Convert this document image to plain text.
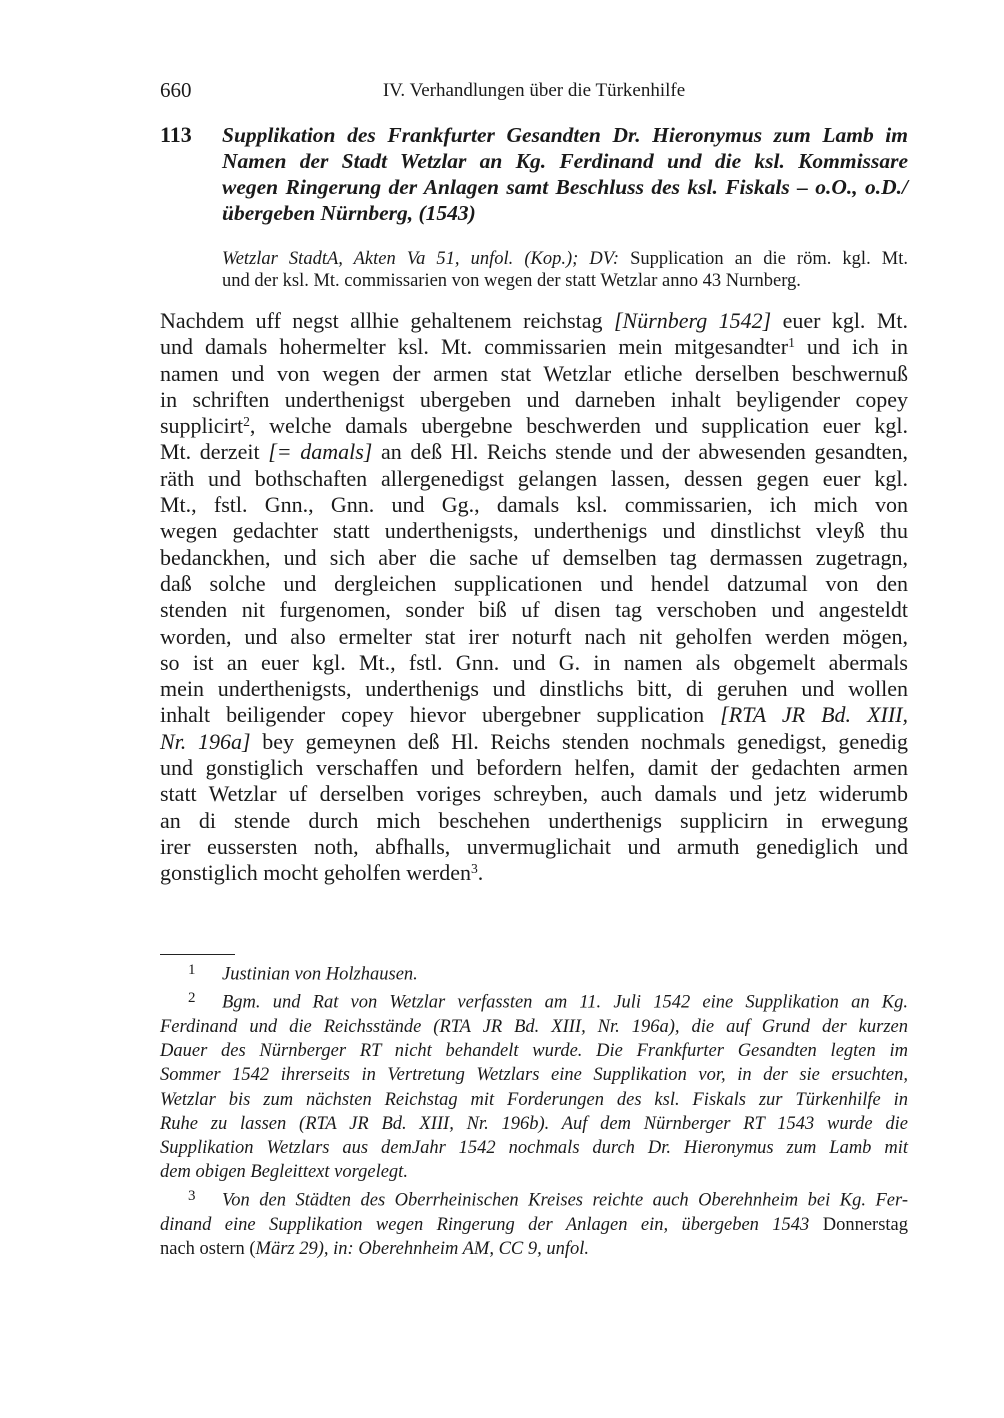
660	IV. Verhandlungen über die Türkenhilfe
113 Supplikation des Frankfurter Gesandten Dr. Hieronymus zum Lamb im
Namen der Stadt Wetzlar an Kg. Ferdinand und die ksl. Kommissare
wegen Ringerung der Anlagen samt Beschluss des ksl. Fiskals – o.O., o.D./
übergeben Nürnberg, (1543)
Wetzlar StadtA, Akten Va 51, unfol. (Kop.); DV: Supplication an die röm. kgl. Mt.
und der ksl. Mt. commissarien von wegen der statt Wetzlar anno 43 Nurnberg.
Nachdem uff negst allhie gehaltenem reichstag [Nürnberg 1542] euer kgl. Mt.
und damals hohermelter ksl. Mt. commissarien mein mitgesandter$^1$ und ich in
namen und von wegen der armen stat Wetzlar etliche derselben beschwernuß
in schriften underthenigst ubergeben und darneben inhalt beyligender copey
supplicirt$^2$, welche damals ubergebne beschwerden und supplication euer kgl.
Mt. derzeit [= damals] an deß Hl. Reichs stende und der abwesenden gesandten,
räth und bothschaften allergenedigst gelangen lassen, dessen gegen euer kgl.
Mt., fstl. Gnn., Gnn. und Gg., damals ksl. commissarien, ich mich von
wegen gedachter statt underthenigsts, underthenigs und dinstlichst vleyß thu
bedanckhen, und sich aber die sache uf demselben tag dermassen zugetragn,
daß solche und dergleichen supplicationen und hendel datzumal von den
stenden nit furgenomen, sonder biß uf disen tag verschoben und angesteldt
worden, und also ermelter stat irer noturft nach nit geholfen werden mögen,
so ist an euer kgl. Mt., fstl. Gnn. und G. in namen als obgemelt abermals
mein underthenigsts, underthenigs und dinstlichs bitt, di geruhen und wollen
inhalt beiligender copey hievor ubergebner supplication [RTA JR Bd. XIII,
Nr. 196a] bey gemeynen deß Hl. Reichs stenden nochmals genedigst, genedig
und gonstiglich verschaffen und befordern helfen, damit der gedachten armen
statt Wetzlar uf derselben voriges schreyben, auch damals und jetz widerumb
an di stende durch mich beschehen underthenigs supplicirn in erwegung
irer eussersten noth, abfhalls, unvermuglichait und armuth genediglich und
gonstiglich mocht geholfen werden$^3$.
1 Justinian von Holzhausen.
2 Bgm. und Rat von Wetzlar verfassten am 11. Juli 1542 eine Supplikation an Kg.
Ferdinand und die Reichsstände (RTA JR Bd. XIII, Nr. 196a), die auf Grund der kurzen
Dauer des Nürnberger RT nicht behandelt wurde. Die Frankfurter Gesandten legten im
Sommer 1542 ihrerseits in Vertretung Wetzlars eine Supplikation vor, in der sie ersuchten,
Wetzlar bis zum nächsten Reichstag mit Forderungen des ksl. Fiskals zur Türkenhilfe in
Ruhe zu lassen (RTA JR Bd. XIII, Nr. 196b). Auf dem Nürnberger RT 1543 wurde die
Supplikation Wetzlars aus demJahr 1542 nochmals durch Dr. Hieronymus zum Lamb mit
dem obigen Begleittext vorgelegt.
3 Von den Städten des Oberrheinischen Kreises reichte auch Oberehnheim bei Kg. Fer-
dinand eine Supplikation wegen Ringerung der Anlagen ein, übergeben 1543 Donnerstag
nach ostern (März 29), in: Oberehnheim AM, CC 9, unfol.
